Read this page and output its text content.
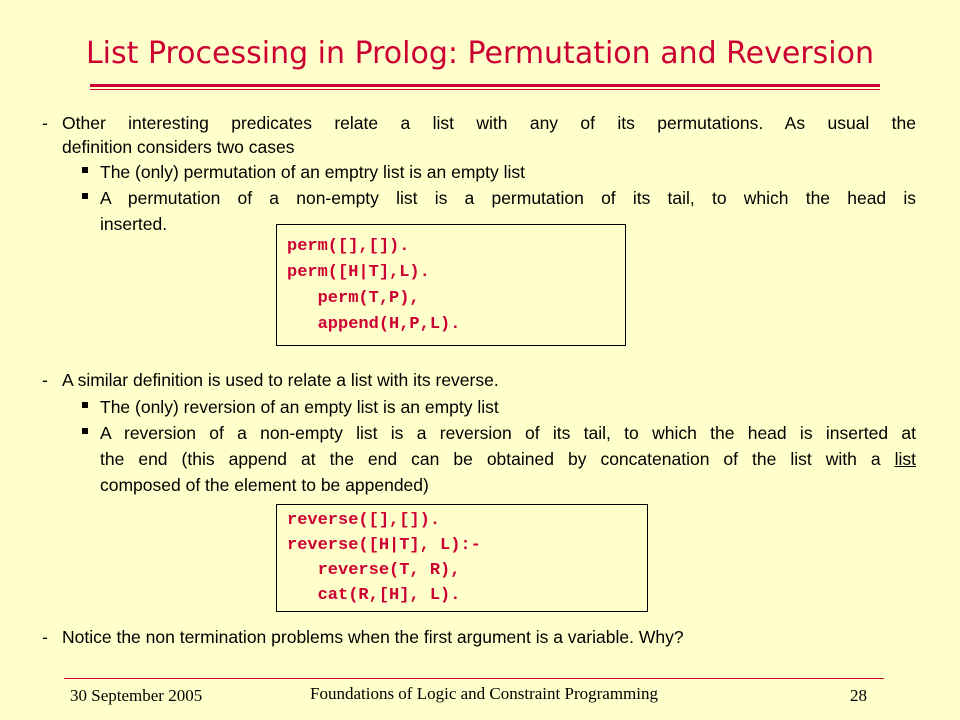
List Processing in Prolog: Permutation and Reversion
- Other interesting predicates relate a list with any of its permutations. As usual the
definition considers two cases
The (only) permutation of an emptry list is an empty list
A permutation of a non-empty list is a permutation of its tail, to which the head is
inserted.
perm([],[]).
perm([H|T],L).
perm(T,P),
append(H,P,L).
- A similar definition is used to relate a list with its reverse.
The (only) reversion of an empty list is an empty list
A reversion of a non-empty list is a reversion of its tail, to which the head is inserted at
the end (this append at the end can be obtained by concatenation of the list with a list
composed of the element to be appended)
reverse([],[]).
reverse([H|T], L):-
reverse(T, R),
cat(R,[H], L).
- Notice the non termination problems when the first argument is a variable. Why?
30 September 2005	Foundations of Logic and Constraint Programming	28
